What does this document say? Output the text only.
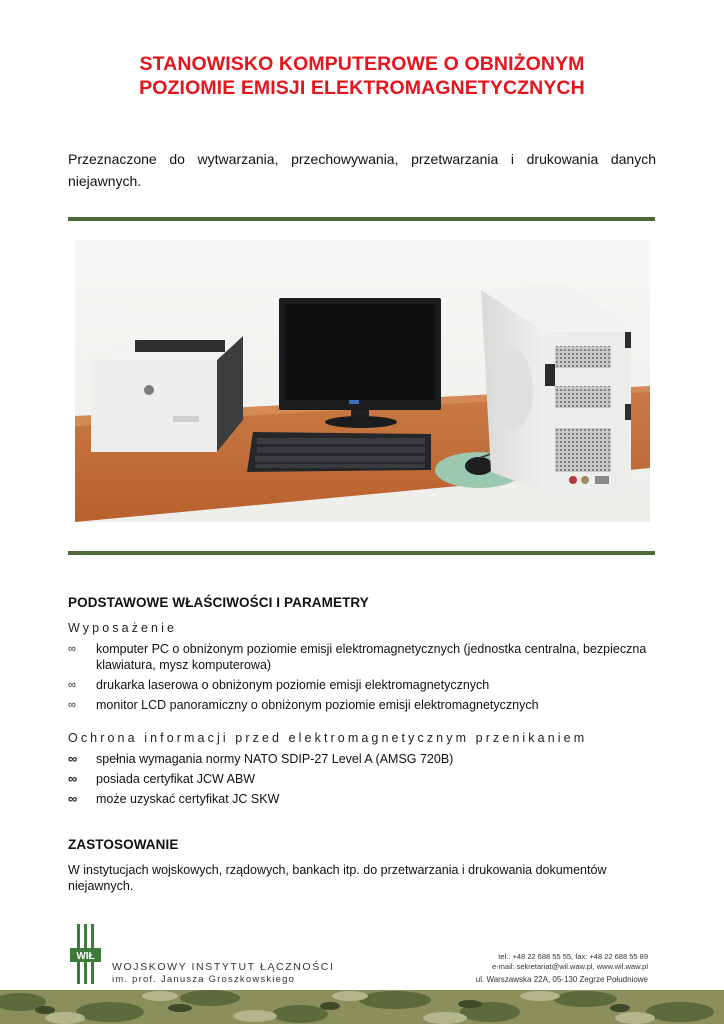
STANOWISKO KOMPUTEROWE O OBNIŻONYM
POZIOMIE EMISJI ELEKTROMAGNETYCZNYCH
Przeznaczone do wytwarzania, przechowywania, przetwarzania i drukowania danych niejawnych.
PODSTAWOWE WŁAŚCIWOŚCI I PARAMETRY
Wyposażenie
∞ komputer PC o obniżonym poziomie emisji elektromagnetycznych (jednostka centralna, bezpieczna klawiatura, mysz komputerowa)
∞ drukarka laserowa o obniżonym poziomie emisji elektromagnetycznych
∞ monitor LCD panoramiczny o obniżonym poziomie emisji elektromagnetycznych
Ochrona informacji przed elektromagnetycznym przenikaniem
∞ spełnia wymagania normy NATO SDIP-27 Level A (AMSG 720B)
∞ posiada certyfikat JCW ABW
∞ może uzyskać certyfikat JC SKW
ZASTOSOWANIE
W instytucjach wojskowych, rządowych, bankach itp. do przetwarzania i drukowania dokumentów niejawnych.
WIŁ
WOJSKOWY INSTYTUT ŁĄCZNOŚCI
im. prof. Janusza Groszkowskiego
tel.: +48 22 688 55 55, fax: +48 22 688 55 89
e-mail: sekretariat@wil.waw.pl, www.wil.waw.pl
ul. Warszawska 22A, 05-130 Zegrze Południowe
